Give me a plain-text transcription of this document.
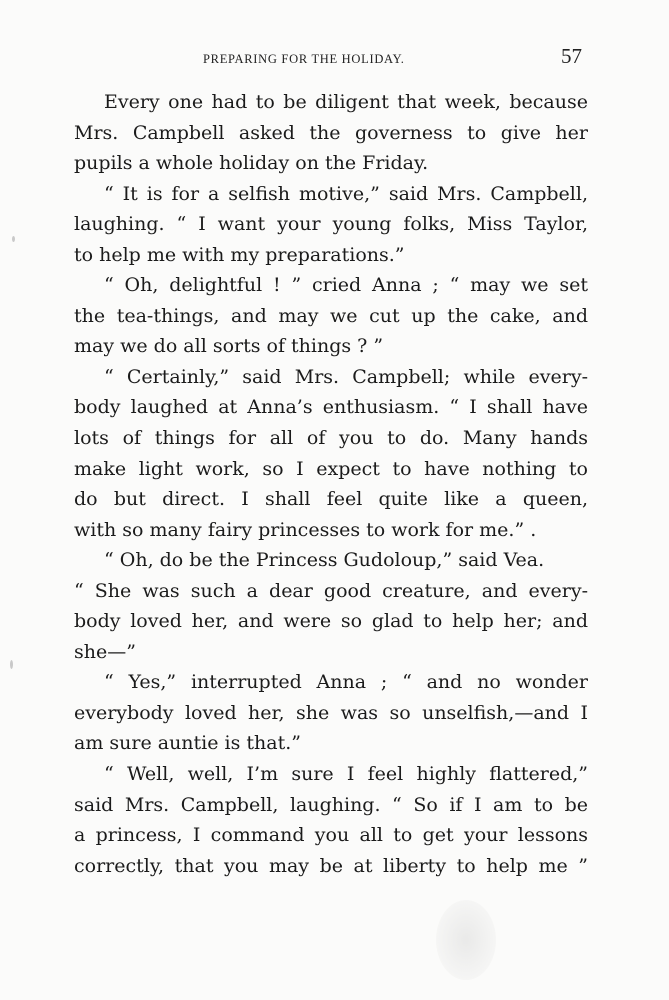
PREPARING FOR THE HOLIDAY.	57
Every one had to be diligent that week, because
Mrs. Campbell asked the governess to give her
pupils a whole holiday on the Friday.
“ It is for a selfish motive,” said Mrs. Campbell,
laughing. “ I want your young folks, Miss Taylor,
to help me with my preparations.”
“ Oh, delightful ! ” cried Anna ; “ may we set
the tea-things, and may we cut up the cake, and
may we do all sorts of things ? ”
“ Certainly,” said Mrs. Campbell; while every-
body laughed at Anna’s enthusiasm. “ I shall have
lots of things for all of you to do. Many hands
make light work, so I expect to have nothing to
do but direct. I shall feel quite like a queen,
with so many fairy princesses to work for me.” .
“ Oh, do be the Princess Gudoloup,” said Vea.
“ She was such a dear good creature, and every-
body loved her, and were so glad to help her; and
she—”
“ Yes,” interrupted Anna ; “ and no wonder
everybody loved her, she was so unselfish,—and I
am sure auntie is that.”
“ Well, well, I’m sure I feel highly flattered,”
said Mrs. Campbell, laughing. “ So if I am to be
a princess, I command you all to get your lessons
correctly, that you may be at liberty to help me ”
